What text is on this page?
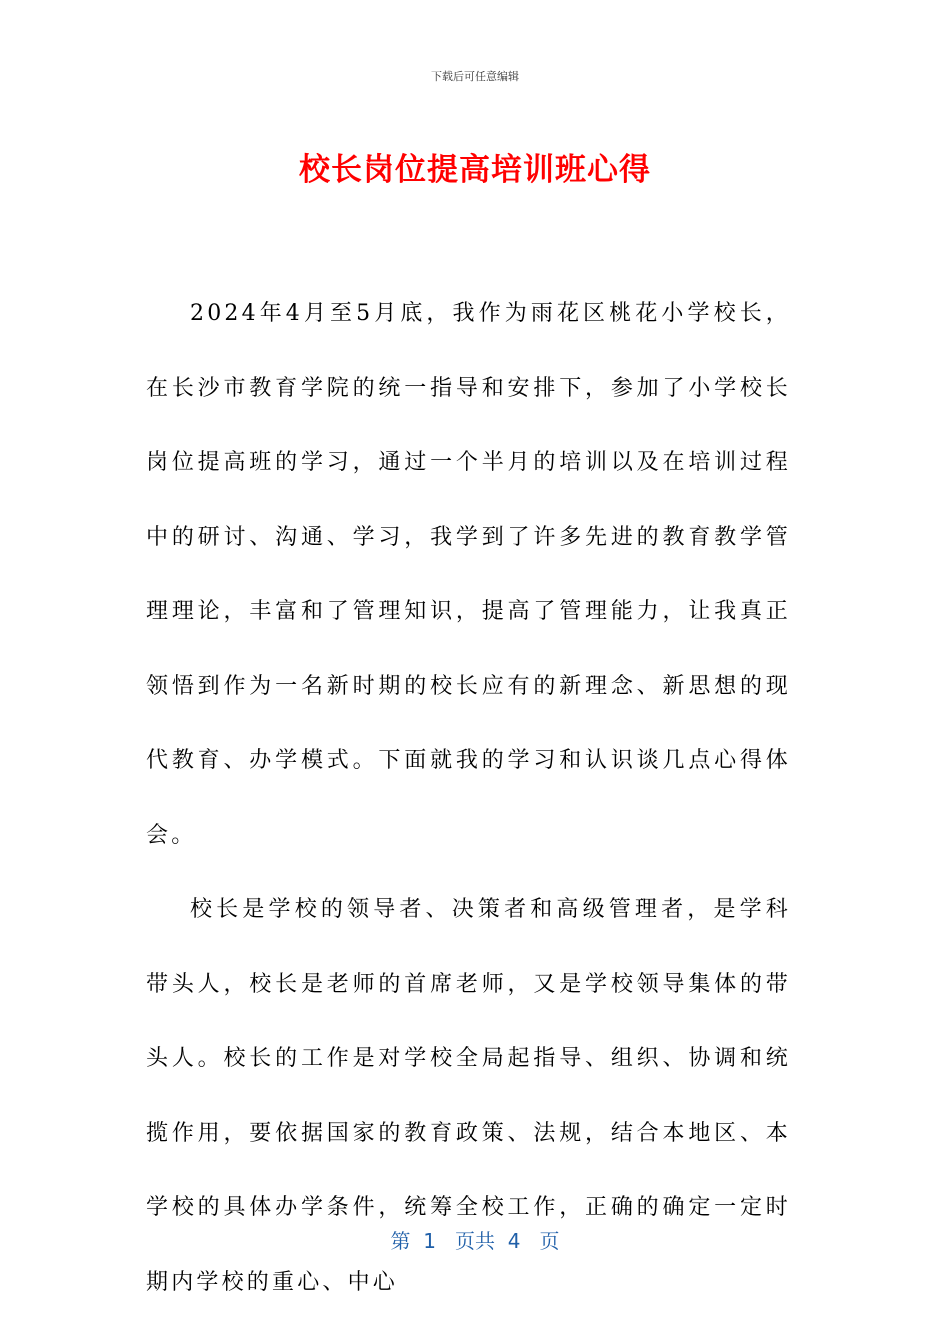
下载后可任意编辑
校长岗位提高培训班心得

2024年4月至5月底，我作为雨花区桃花小学校长，在长沙市教育学院的统一指导和安排下，参加了小学校长岗位提高班的学习，通过一个半月的培训以及在培训过程中的研讨、沟通、学习，我学到了许多先进的教育教学管理理论，丰富和了管理知识，提高了管理能力，让我真正领悟到作为一名新时期的校长应有的新理念、新思想的现代教育、办学模式。下面就我的学习和认识谈几点心得体会。

校长是学校的领导者、决策者和高级管理者，是学科带头人，校长是老师的首席老师，又是学校领导集体的带头人。校长的工作是对学校全局起指导、组织、协调和统揽作用，要依据国家的教育政策、法规，结合本地区、本学校的具体办学条件，统筹全校工作，正确的确定一定时期内学校的重心、中心

第  1   页共  4   页
